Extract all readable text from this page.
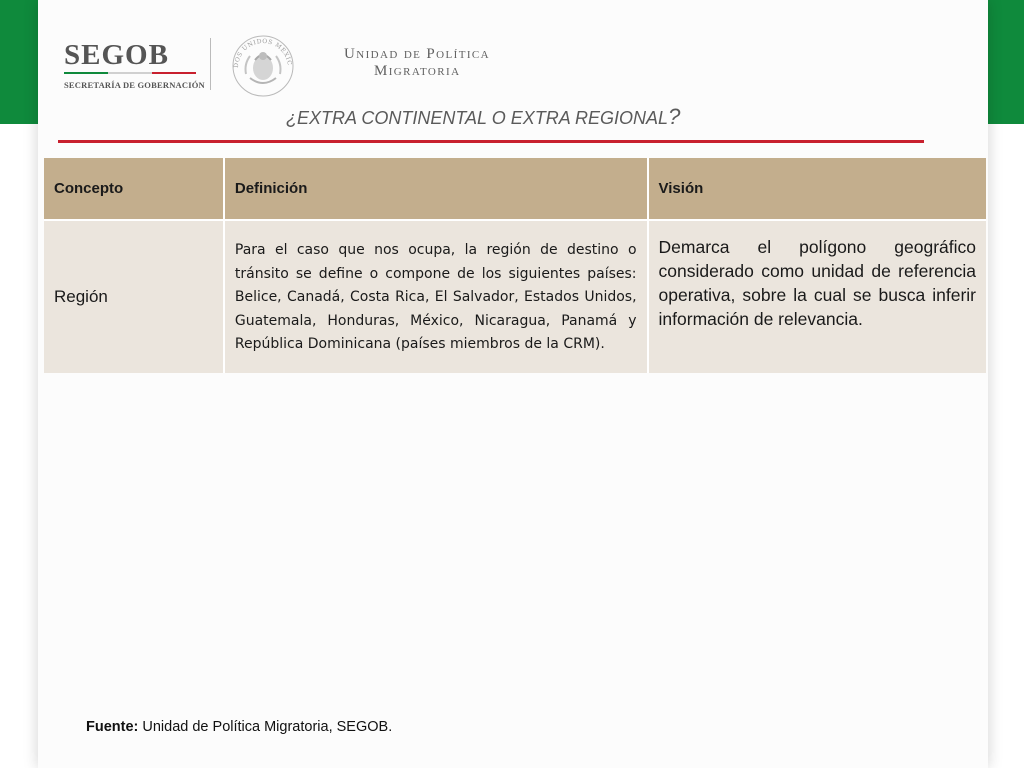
SEGOB
SECRETARÍA DE GOBERNACIÓN
DOS UNIDOS MEXIC
Unidad de Política
Migratoria
¿EXTRA CONTINENTAL O EXTRA REGIONAL?
Concepto	Definición	Visión
Región	Para el caso que nos ocupa, la región de destino o tránsito se define o compone de los siguientes países: Belice, Canadá, Costa Rica, El Salvador, Estados Unidos, Guatemala, Honduras, México, Nicaragua, Panamá y República Dominicana (países miembros de la CRM).	Demarca el polígono geográfico considerado como unidad de referencia operativa, sobre la cual se busca inferir información de relevancia.
Fuente: Unidad de Política Migratoria, SEGOB.
